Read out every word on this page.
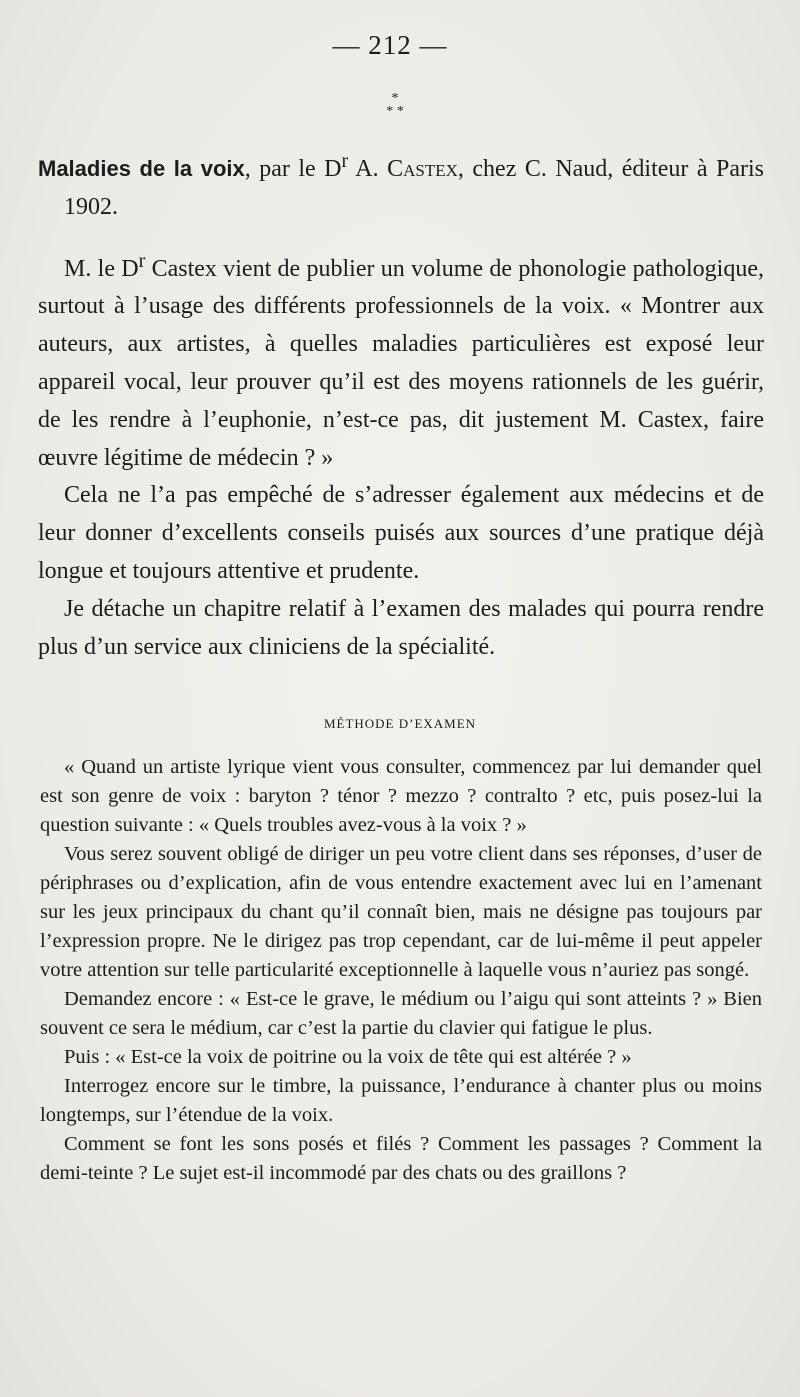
— 212 —
*
* *

Maladies de la voix, par le $D^r$ A. Castex, chez C. Naud, éditeur à Paris 1902.

M. le $D^r$ Castex vient de publier un volume de phonologie pathologique, surtout à l’usage des différents professionnels de la voix. « Montrer aux auteurs, aux artistes, à quelles maladies particulières est exposé leur appareil vocal, leur prouver qu’il est des moyens rationnels de les guérir, de les rendre à l’euphonie, n’est-ce pas, dit justement M. Castex, faire œuvre légitime de médecin ? »

Cela ne l’a pas empêché de s’adresser également aux médecins et de leur donner d’excellents conseils puisés aux sources d’une pratique déjà longue et toujours attentive et prudente.

Je détache un chapitre relatif à l’examen des malades qui pourra rendre plus d’un service aux cliniciens de la spécialité.

MÉTHODE D’EXAMEN

« Quand un artiste lyrique vient vous consulter, commencez par lui demander quel est son genre de voix : baryton ? ténor ? mezzo ? contralto ? etc, puis posez-lui la question suivante : « Quels troubles avez-vous à la voix ? »

Vous serez souvent obligé de diriger un peu votre client dans ses réponses, d’user de périphrases ou d’explication, afin de vous entendre exactement avec lui en l’amenant sur les jeux principaux du chant qu’il connaît bien, mais ne désigne pas toujours par l’expression propre. Ne le dirigez pas trop cependant, car de lui-même il peut appeler votre attention sur telle particularité exceptionnelle à laquelle vous n’auriez pas songé.

Demandez encore : « Est-ce le grave, le médium ou l’aigu qui sont atteints ? » Bien souvent ce sera le médium, car c’est la partie du clavier qui fatigue le plus.

Puis : « Est-ce la voix de poitrine ou la voix de tête qui est altérée ? »

Interrogez encore sur le timbre, la puissance, l’endurance à chanter plus ou moins longtemps, sur l’étendue de la voix.

Comment se font les sons posés et filés ? Comment les passages ? Comment la demi-teinte ? Le sujet est-il incommodé par des chats ou des graillons ?
